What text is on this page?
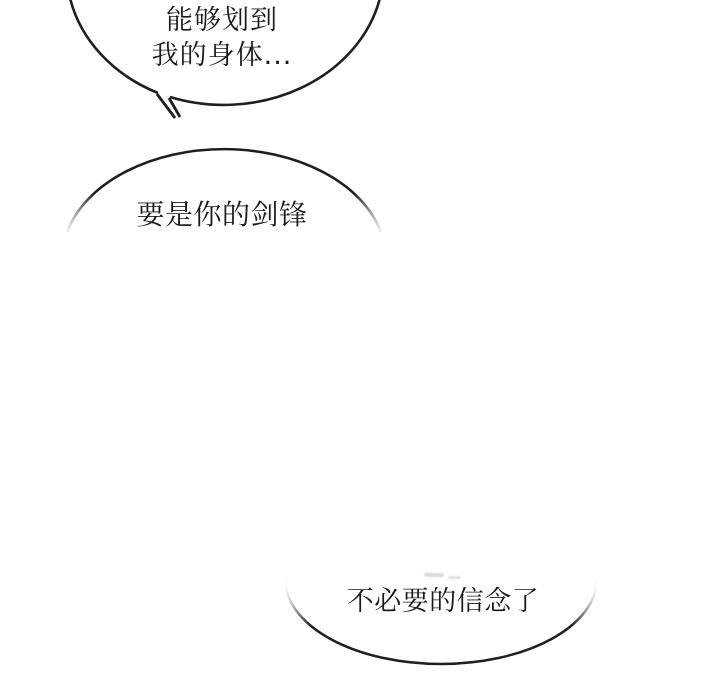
能够划到
我的身体...
要是你的剑锋
不必要的信念了
